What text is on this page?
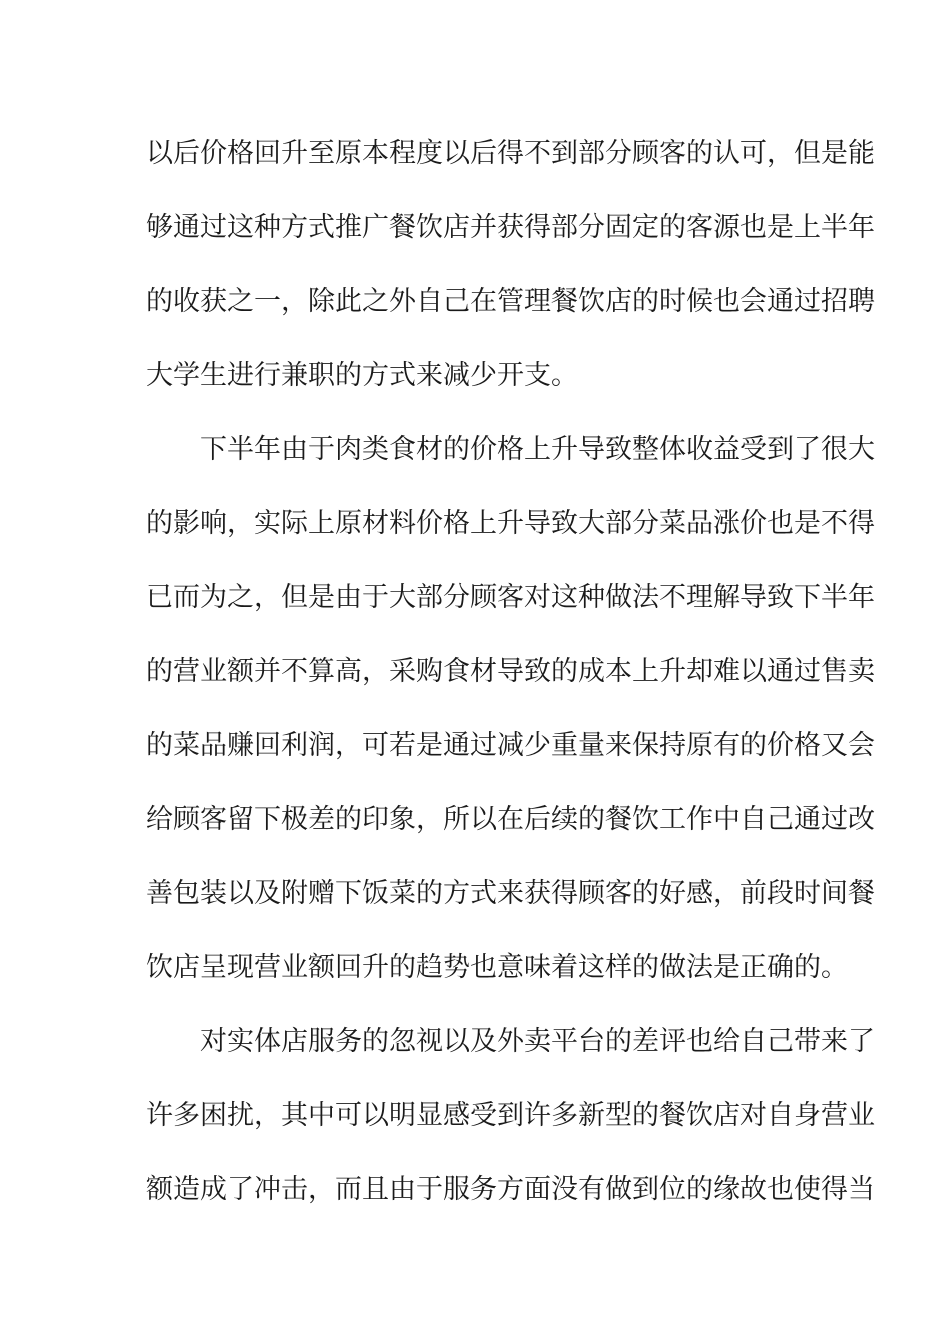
以后价格回升至原本程度以后得不到部分顾客的认可，但是能
够通过这种方式推广餐饮店并获得部分固定的客源也是上半年
的收获之一，除此之外自己在管理餐饮店的时候也会通过招聘
大学生进行兼职的方式来减少开支。
下半年由于肉类食材的价格上升导致整体收益受到了很大
的影响，实际上原材料价格上升导致大部分菜品涨价也是不得
已而为之，但是由于大部分顾客对这种做法不理解导致下半年
的营业额并不算高，采购食材导致的成本上升却难以通过售卖
的菜品赚回利润，可若是通过减少重量来保持原有的价格又会
给顾客留下极差的印象，所以在后续的餐饮工作中自己通过改
善包装以及附赠下饭菜的方式来获得顾客的好感，前段时间餐
饮店呈现营业额回升的趋势也意味着这样的做法是正确的。
对实体店服务的忽视以及外卖平台的差评也给自己带来了
许多困扰，其中可以明显感受到许多新型的餐饮店对自身营业
额造成了冲击，而且由于服务方面没有做到位的缘故也使得当
